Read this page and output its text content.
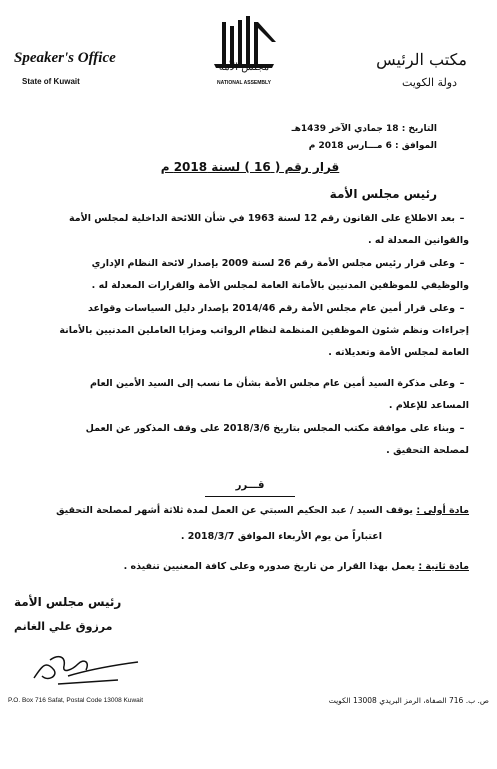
Speaker's Office
State of Kuwait
مكتب الرئيس
دولة الكويت
مجلس الأمة
NATIONAL ASSEMBLY
التاريخ : 18 جمادي الآخر 1439هـ
الموافق : 6 مـــارس 2018 م
قرار رقم ( 16 ) لسنة 2018 م
رئيس مجلس الأمة
–بعد الاطلاع على القانون رقم 12 لسنة 1963 في شأن اللائحة الداخلية لمجلس الأمة والقوانين المعدلة له .
–وعلى قرار رئيس مجلس الأمة رقم 26 لسنة 2009 بإصدار لائحة النظام الإداري والوظيفي للموظفين المدنيين بالأمانة العامة لمجلس الأمة والقرارات المعدلة له .
–وعلى قرار أمين عام مجلس الأمة رقم 2014/46 بإصدار دليل السياسات وقواعد إجراءات ونظم شئون الموظفين المنظمة لنظام الرواتب ومزايا العاملين المدنيين بالأمانة العامة لمجلس الأمة وتعديلاته .
–وعلى مذكرة السيد أمين عام مجلس الأمة بشأن ما نسب إلى السيد الأمين العام المساعد للإعلام .
–وبناء على موافقة مكتب المجلس بتاريخ 2018/3/6 على وقف المذكور عن العمل لمصلحة التحقيق .
قـــرر
مادة أولى : يوقف السيد / عبد الحكيم السبتي عن العمل لمدة ثلاثة أشهر لمصلحة التحقيق
اعتباراً من يوم الأربعاء الموافق 2018/3/7 .
مادة ثانية : يعمل بهذا القرار من تاريخ صدوره وعلى كافة المعنيين تنفيذه .
رئيس مجلس الأمة
مرزوق علي الغانم
P.O. Box 716 Safat, Postal Code 13008 Kuwait	ص. ب. 716 الصفاة، الرمز البريدي 13008 الكويت
